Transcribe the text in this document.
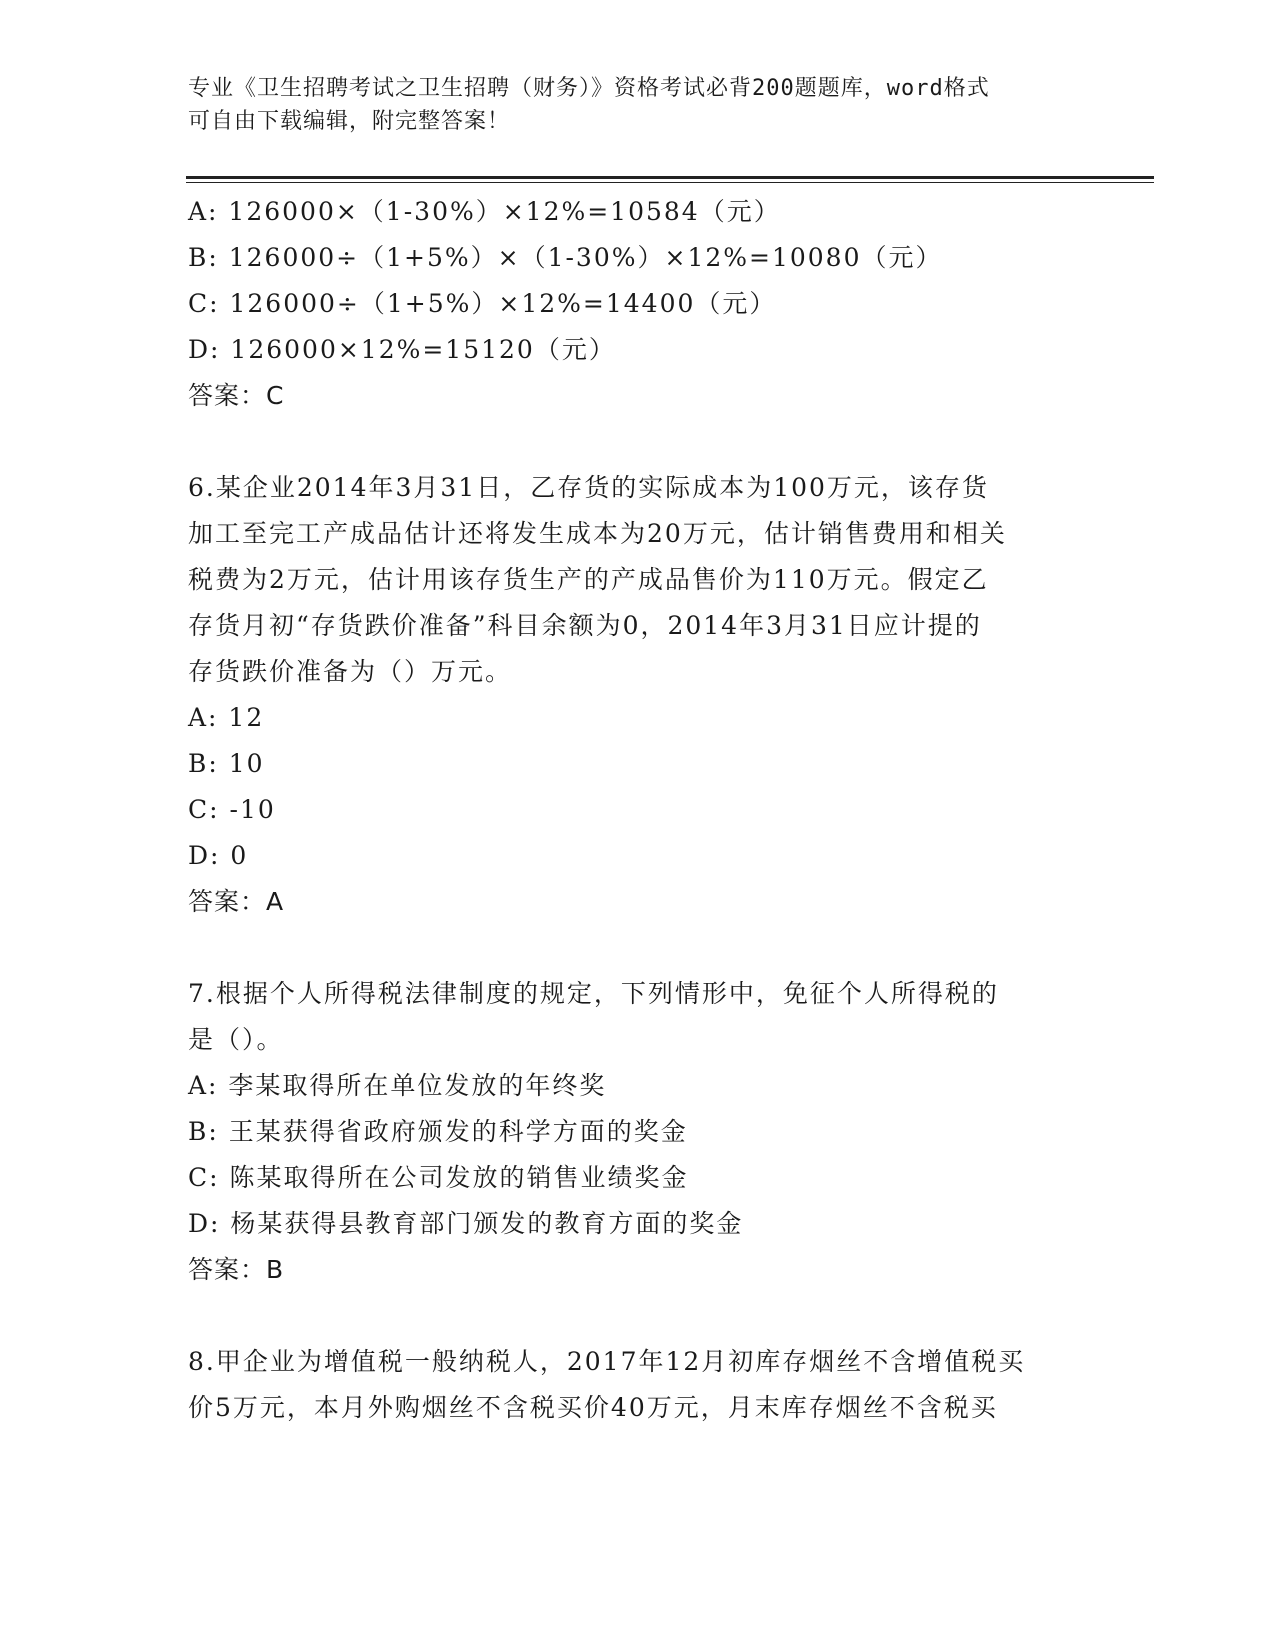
专业《卫生招聘考试之卫生招聘（财务）》资格考试必背200题题库，word格式
可自由下载编辑，附完整答案！
A: 126000×（1-30%）×12%=10584（元）
B: 126000÷（1+5%）×（1-30%）×12%=10080（元）
C: 126000÷（1+5%）×12%=14400（元）
D: 126000×12%=15120（元）
答案：C
6.某企业2014年3月31日，乙存货的实际成本为100万元，该存货
加工至完工产成品估计还将发生成本为20万元，估计销售费用和相关
税费为2万元，估计用该存货生产的产成品售价为110万元。假定乙
存货月初“存货跌价准备”科目余额为0，2014年3月31日应计提的
存货跌价准备为（）万元。
A: 12
B: 10
C: -10
D: 0
答案：A
7.根据个人所得税法律制度的规定，下列情形中，免征个人所得税的
是（）。
A: 李某取得所在单位发放的年终奖
B: 王某获得省政府颁发的科学方面的奖金
C: 陈某取得所在公司发放的销售业绩奖金
D: 杨某获得县教育部门颁发的教育方面的奖金
答案：B
8.甲企业为增值税一般纳税人，2017年12月初库存烟丝不含增值税买
价5万元，本月外购烟丝不含税买价40万元，月末库存烟丝不含税买
